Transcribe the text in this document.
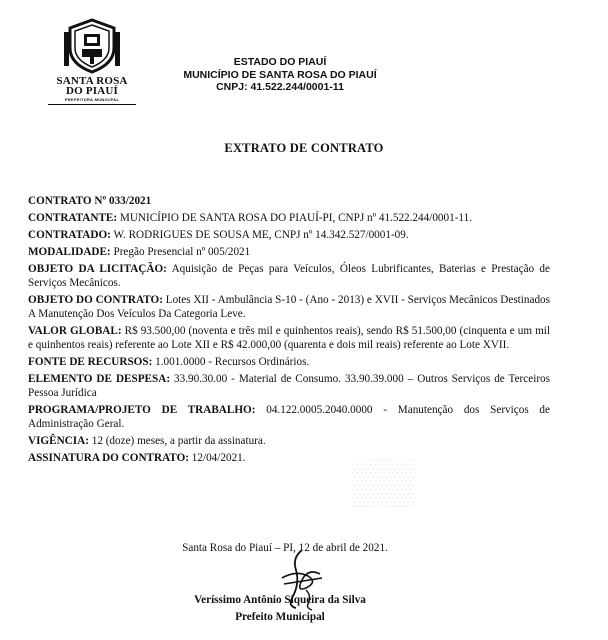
SANTA ROSA
DO PIAUÍ
PREFEITURA MUNICIPAL
ESTADO DO PIAUÍ
MUNICÍPIO DE SANTA ROSA DO PIAUÍ
CNPJ: 41.522.244/0001-11
EXTRATO DE CONTRATO

CONTRATO Nº 033/2021

CONTRATANTE: MUNICÍPIO DE SANTA ROSA DO PIAUÍ-PI, CNPJ nº 41.522.244/0001-11.

CONTRATADO: W. RODRIGUES DE SOUSA ME, CNPJ nº 14.342.527/0001-09.

MODALIDADE: Pregão Presencial nº 005/2021

OBJETO DA LICITAÇÃO: Aquisição de Peças para Veículos, Óleos Lubrificantes, Baterias e Prestação de Serviços Mecânicos.

OBJETO DO CONTRATO: Lotes XII - Ambulância S-10 - (Ano - 2013) e XVII - Serviços Mecânicos Destinados A Manutenção Dos Veículos Da Categoria Leve.

VALOR GLOBAL: R$ 93.500,00 (noventa e três mil e quinhentos reais), sendo R$ 51.500,00 (cinquenta e um mil e quinhentos reais) referente ao Lote XII e R$ 42.000,00 (quarenta e dois mil reais) referente ao Lote XVII.

FONTE DE RECURSOS: 1.001.0000 - Recursos Ordinários.

ELEMENTO DE DESPESA: 33.90.30.00 - Material de Consumo. 33.90.39.000 – Outros Serviços de Terceiros Pessoa Jurídica

PROGRAMA/PROJETO DE TRABALHO: 04.122.0005.2040.0000 - Manutenção dos Serviços de Administração Geral.

VIGÊNCIA: 12 (doze) meses, a partir da assinatura.

ASSINATURA DO CONTRATO: 12/04/2021.	▒▒
Santa Rosa do Piauí – PI, 12 de abril de 2021.
Veríssimo Antônio Siqueira da Silva
Prefeito Municipal
